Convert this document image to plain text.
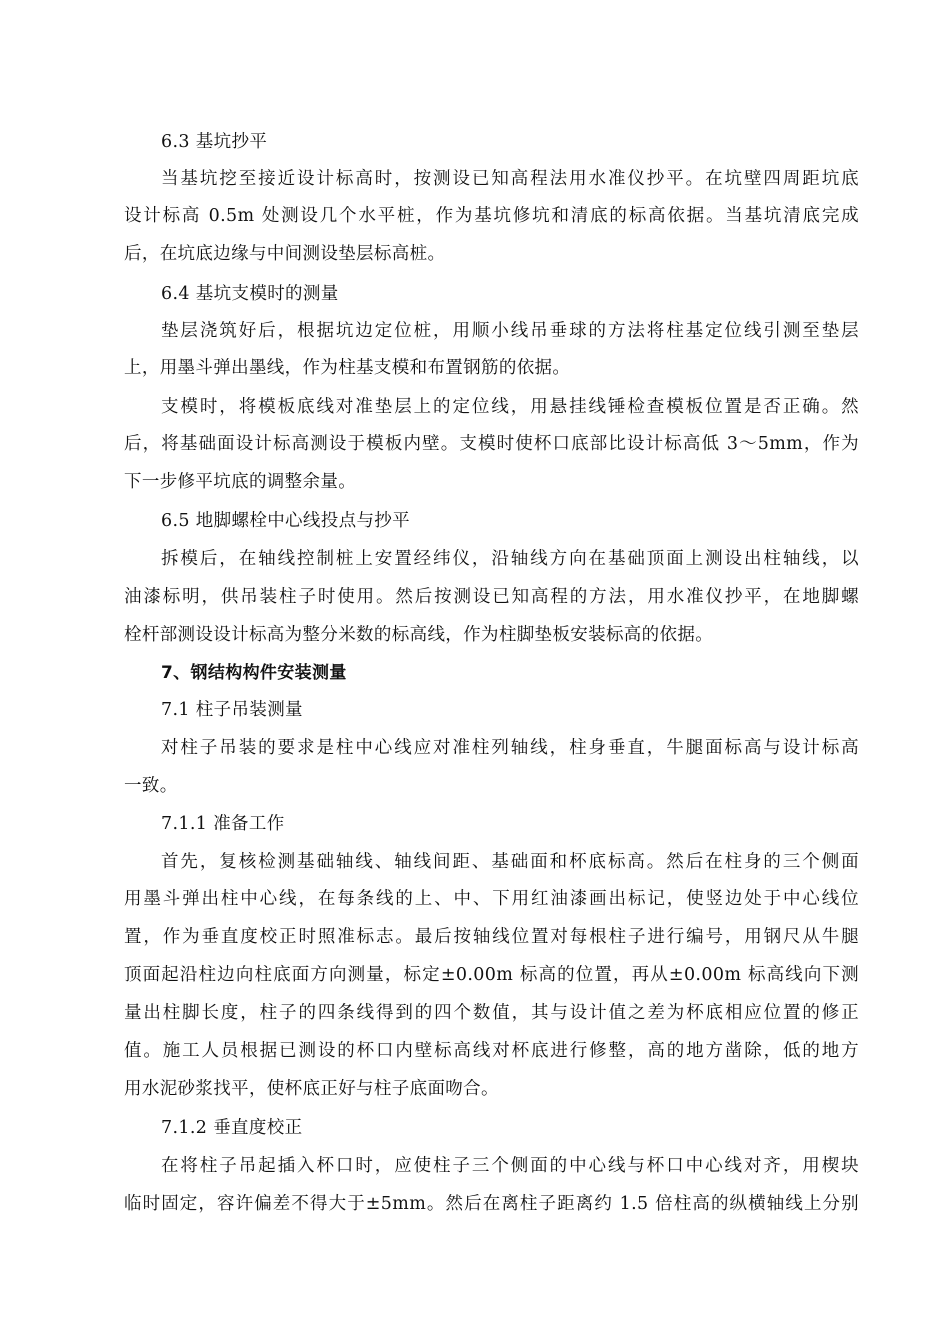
6.3 基坑抄平
当基坑挖至接近设计标高时，按测设已知高程法用水准仪抄平。在坑壁四周距坑底
设计标高 0.5m 处测设几个水平桩，作为基坑修坑和清底的标高依据。当基坑清底完成
后，在坑底边缘与中间测设垫层标高桩。
6.4 基坑支模时的测量
垫层浇筑好后，根据坑边定位桩，用顺小线吊垂球的方法将柱基定位线引测至垫层
上，用墨斗弹出墨线，作为柱基支模和布置钢筋的依据。
支模时，将模板底线对准垫层上的定位线，用悬挂线锤检查模板位置是否正确。然
后，将基础面设计标高测设于模板内壁。支模时使杯口底部比设计标高低 3～5mm，作为
下一步修平坑底的调整余量。
6.5 地脚螺栓中心线投点与抄平
拆模后，在轴线控制桩上安置经纬仪，沿轴线方向在基础顶面上测设出柱轴线，以
油漆标明，供吊装柱子时使用。然后按测设已知高程的方法，用水准仪抄平，在地脚螺
栓杆部测设设计标高为整分米数的标高线，作为柱脚垫板安装标高的依据。
7、钢结构构件安装测量
7.1 柱子吊装测量
对柱子吊装的要求是柱中心线应对准柱列轴线，柱身垂直，牛腿面标高与设计标高
一致。
7.1.1 准备工作
首先，复核检测基础轴线、轴线间距、基础面和杯底标高。然后在柱身的三个侧面
用墨斗弹出柱中心线，在每条线的上、中、下用红油漆画出标记，使竖边处于中心线位
置，作为垂直度校正时照准标志。最后按轴线位置对每根柱子进行编号，用钢尺从牛腿
顶面起沿柱边向柱底面方向测量，标定±0.00m 标高的位置，再从±0.00m 标高线向下测
量出柱脚长度，柱子的四条线得到的四个数值，其与设计值之差为杯底相应位置的修正
值。施工人员根据已测设的杯口内壁标高线对杯底进行修整，高的地方凿除，低的地方
用水泥砂浆找平，使杯底正好与柱子底面吻合。
7.1.2 垂直度校正
在将柱子吊起插入杯口时，应使柱子三个侧面的中心线与杯口中心线对齐，用楔块
临时固定，容许偏差不得大于±5mm。然后在离柱子距离约 1.5 倍柱高的纵横轴线上分别
